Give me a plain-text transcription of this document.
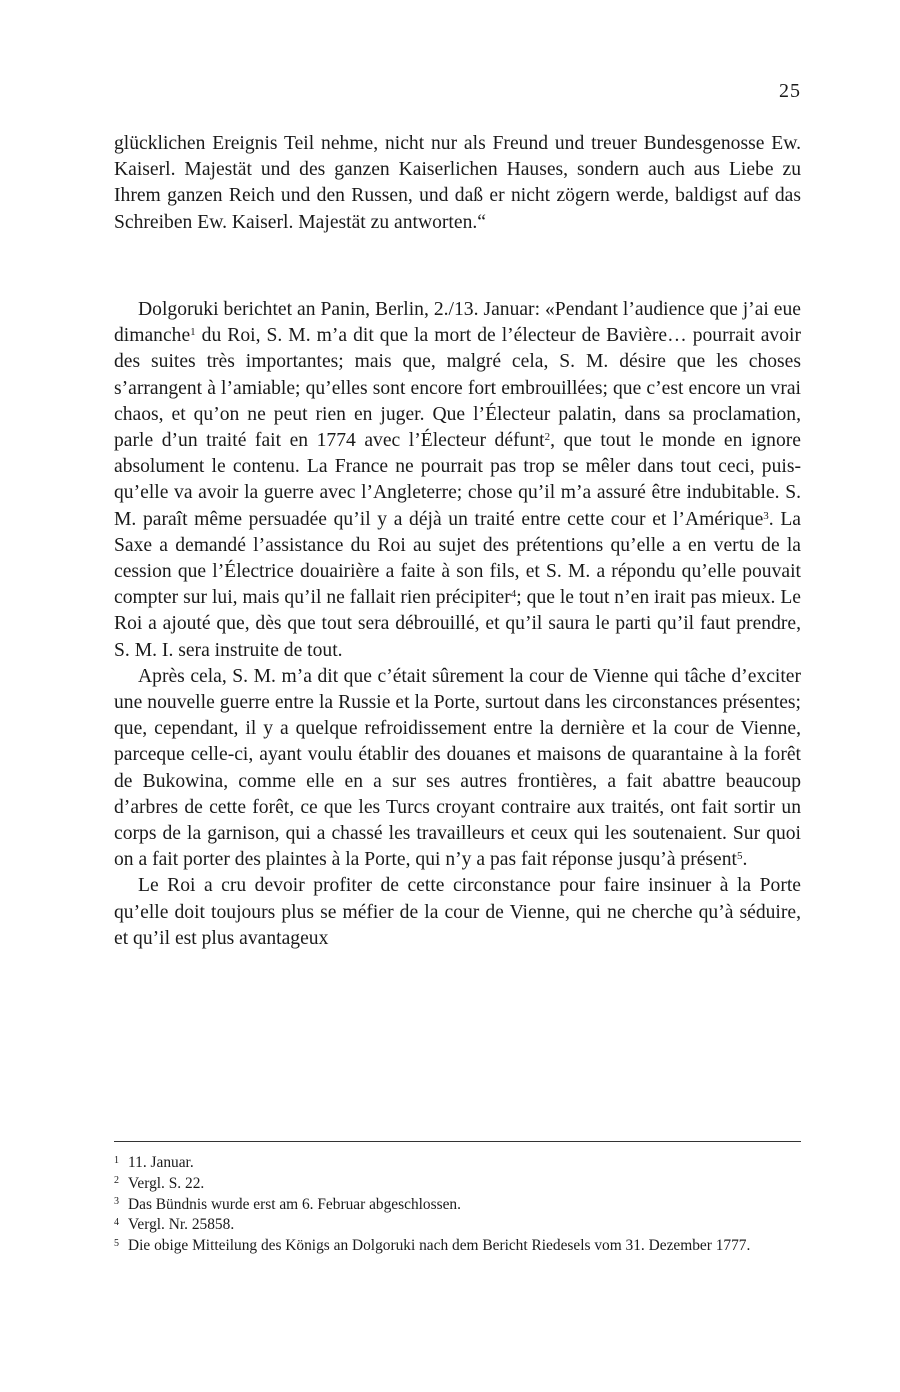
25

glücklichen Ereignis Teil nehme, nicht nur als Freund und treuer Bundesgenosse Ew. Kaiserl. Majestät und des ganzen Kaiserlichen Hauses, sondern auch aus Liebe zu Ihrem ganzen Reich und den Russen, und daß er nicht zögern werde, baldigst auf das Schreiben Ew. Kaiserl. Majestät zu antworten.“

Dolgoruki berichtet an Panin, Berlin, 2./13. Januar: «Pendant l’audience que j’ai eue dimanche$^1$ du Roi, S. M. m’a dit que la mort de l’électeur de Bavière… pourrait avoir des suites très importantes; mais que, malgré cela, S. M. désire que les choses s’arrangent à l’amiable; qu’elles sont encore fort embrouillées; que c’est encore un vrai chaos, et qu’on ne peut rien en juger. Que l’Électeur palatin, dans sa proclamation, parle d’un traité fait en 1774 avec l’Électeur défunt$^2$, que tout le monde en ignore absolument le contenu. La France ne pourrait pas trop se mêler dans tout ceci, puisqu’elle va avoir la guerre avec l’Angleterre; chose qu’il m’a assuré être indubitable. S. M. paraît même persuadée qu’il y a déjà un traité entre cette cour et l’Amérique$^3$. La Saxe a demandé l’assistance du Roi au sujet des prétentions qu’elle a en vertu de la cession que l’Électrice douairière a faite à son fils, et S. M. a répondu qu’elle pouvait compter sur lui, mais qu’il ne fallait rien précipiter$^4$; que le tout n’en irait pas mieux. Le Roi a ajouté que, dès que tout sera débrouillé, et qu’il saura le parti qu’il faut prendre, S. M. I. sera instruite de tout.

Après cela, S. M. m’a dit que c’était sûrement la cour de Vienne qui tâche d’exciter une nouvelle guerre entre la Russie et la Porte, surtout dans les circonstances présentes; que, cependant, il y a quelque refroidissement entre la dernière et la cour de Vienne, parceque celle-ci, ayant voulu établir des douanes et maisons de quarantaine à la forêt de Bukowina, comme elle en a sur ses autres frontières, a fait abattre beaucoup d’arbres de cette forêt, ce que les Turcs croyant contraire aux traités, ont fait sortir un corps de la garnison, qui a chassé les travailleurs et ceux qui les soutenaient. Sur quoi on a fait porter des plaintes à la Porte, qui n’y a pas fait réponse jusqu’à présent$^5$.

Le Roi a cru devoir profiter de cette circonstance pour faire insinuer à la Porte qu’elle doit toujours plus se méfier de la cour de Vienne, qui ne cherche qu’à séduire, et qu’il est plus avantageux

1 11. Januar.

2 Vergl. S. 22.

3 Das Bündnis wurde erst am 6. Februar abgeschlossen.

4 Vergl. Nr. 25858.

5 Die obige Mitteilung des Königs an Dolgoruki nach dem Bericht Riedesels vom 31. Dezember 1777.
